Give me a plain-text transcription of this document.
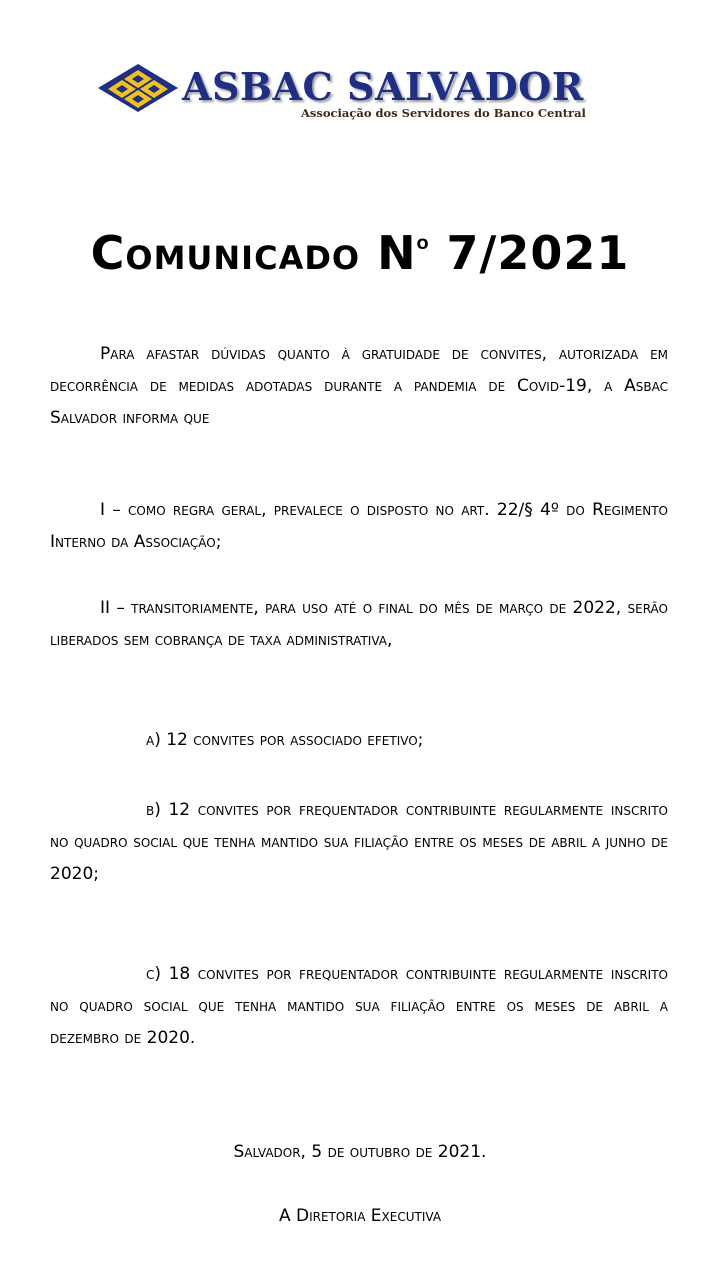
ASBAC SALVADOR
Associação dos Servidores do Banco Central
Comunicado $N^o$ 7/2021
Para afastar dúvidas quanto à gratuidade de convites, autorizada em decorrência de medidas adotadas durante a pandemia de Covid-19, a Asbac Salvador informa que
I – como regra geral, prevalece o disposto no art. 22/§ 4º do Regimento Interno da Associação;
II – transitoriamente, para uso até o final do mês de março de 2022, serão liberados sem cobrança de taxa administrativa,
a) 12 convites por associado efetivo;
b) 12 convites por frequentador contribuinte regularmente inscrito no quadro social que tenha mantido sua filiação entre os meses de abril a junho de 2020;
c) 18 convites por frequentador contribuinte regularmente inscrito no quadro social que tenha mantido sua filiação entre os meses de abril a dezembro de 2020.
Salvador, 5 de outubro de 2021.
A Diretoria Executiva
